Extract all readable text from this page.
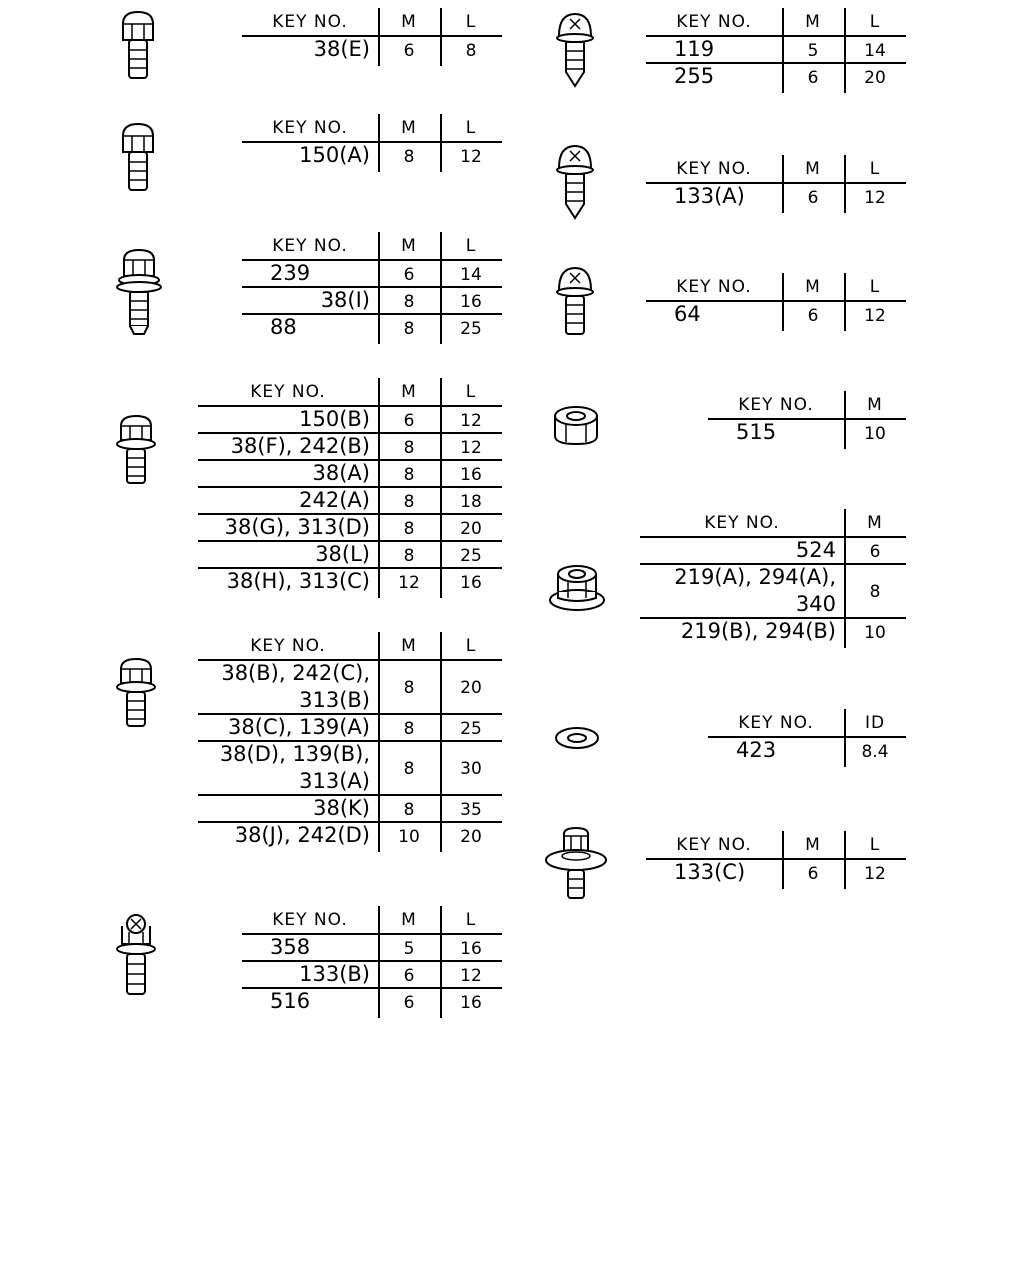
KEY NO.	M	L
38(E)	6	8
KEY NO.	M	L
150(A)	8	12
KEY NO.	M	L
239	6	14
38(I)	8	16
88	8	25
KEY NO.	M	L
150(B)	6	12
38(F), 242(B)	8	12
38(A)	8	16
242(A)	8	18
38(G), 313(D)	8	20
38(L)	8	25
38(H), 313(C)	12	16
KEY NO.	M	L
38(B), 242(C),
313(B)	8	20
38(C), 139(A)	8	25
38(D), 139(B),
313(A)	8	30
38(K)	8	35
38(J), 242(D)	10	20
KEY NO.	M	L
358	5	16
133(B)	6	12
516	6	16
KEY NO.	M	L
119	5	14
255	6	20
KEY NO.	M	L
133(A)	6	12
KEY NO.	M	L
64	6	12
KEY NO.	M
515	10
KEY NO.	M
524	6
219(A), 294(A),
340	8
219(B), 294(B)	10
KEY NO.	ID
423	8.4
KEY NO.	M	L
133(C)	6	12
